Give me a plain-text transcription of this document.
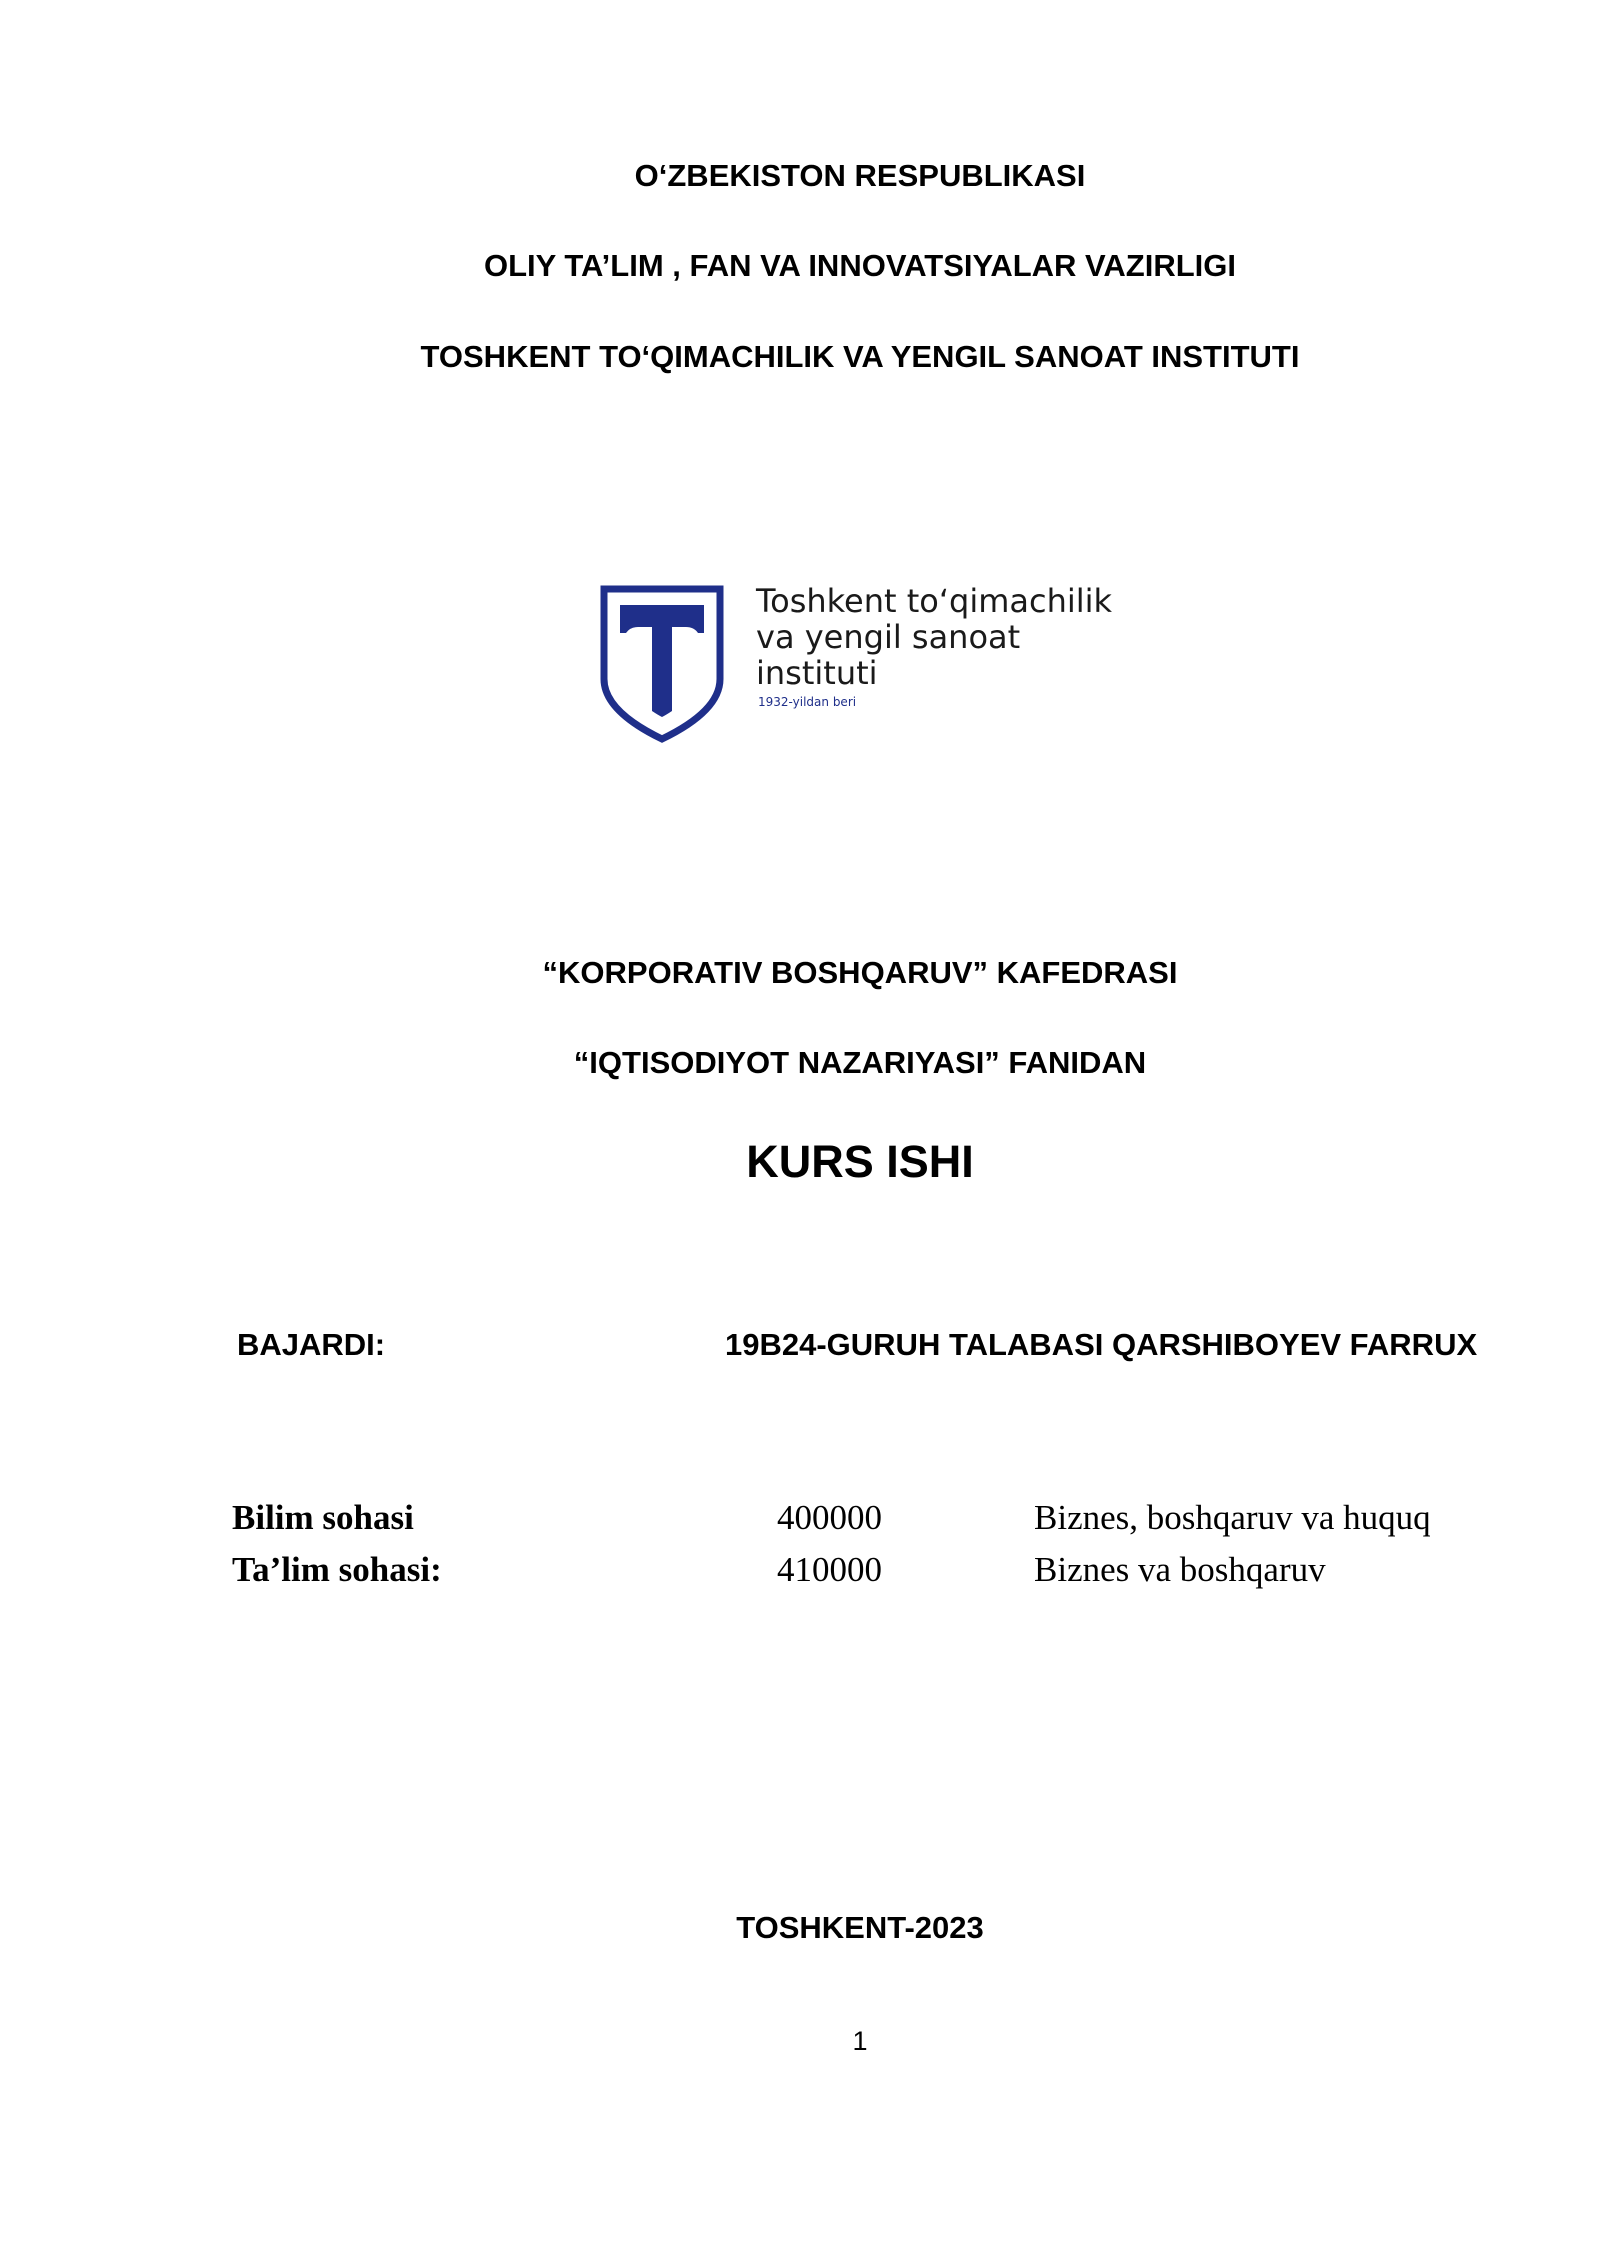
O‘ZBEKISTON RESPUBLIKASI
OLIY TA’LIM , FAN VA INNOVATSIYALAR VAZIRLIGI
TOSHKENT TO‘QIMACHILIK VA YENGIL SANOAT INSTITUTI
Toshkent to‘qimachilik
va yengil sanoat
instituti
1932-yildan beri
“KORPORATIV BOSHQARUV” KAFEDRASI
“IQTISODIYOT NAZARIYASI” FANIDAN
KURS ISHI
BAJARDI:	19B24-GURUH TALABASI QARSHIBOYEV FARRUX
Bilim sohasi	400000	Biznes, boshqaruv va huquq
Ta’lim sohasi:	410000	Biznes va boshqaruv
TOSHKENT-2023
1
